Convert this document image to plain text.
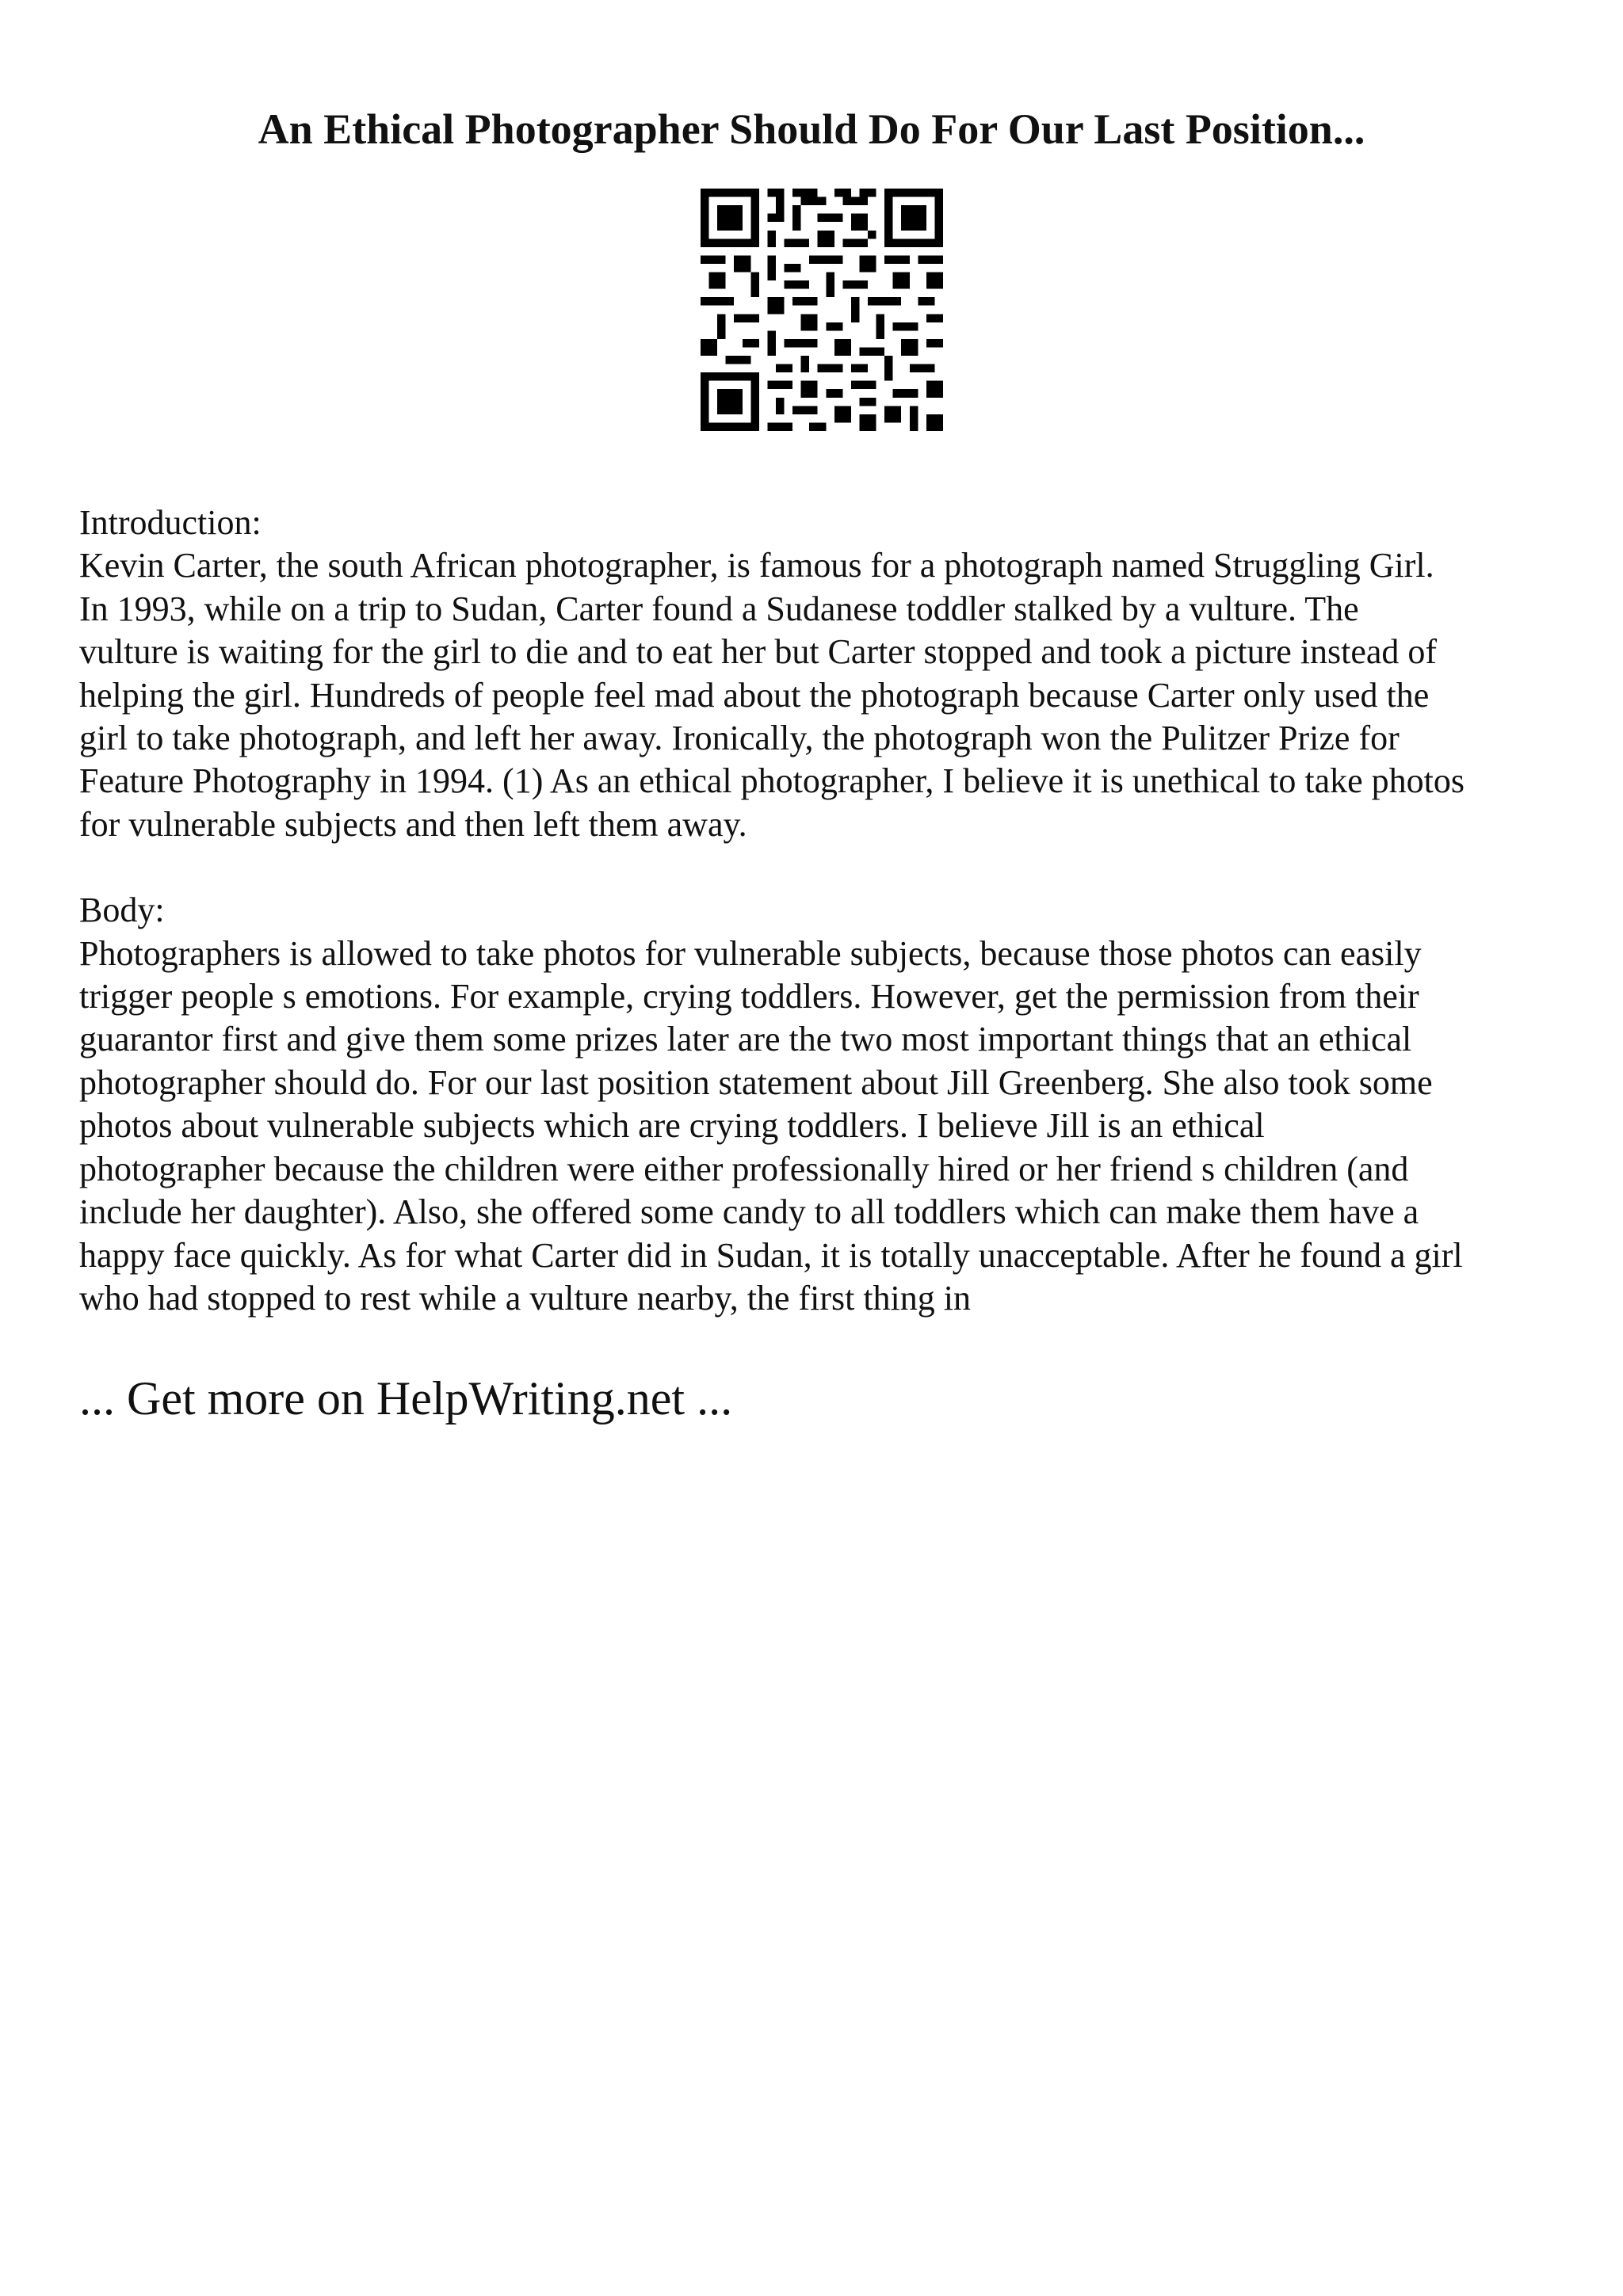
An Ethical Photographer Should Do For Our Last Position...
Introduction:

Kevin Carter, the south African photographer, is famous for a photograph named Struggling Girl.
In 1993, while on a trip to Sudan, Carter found a Sudanese toddler stalked by a vulture. The
vulture is waiting for the girl to die and to eat her but Carter stopped and took a picture instead of
helping the girl. Hundreds of people feel mad about the photograph because Carter only used the
girl to take photograph, and left her away. Ironically, the photograph won the Pulitzer Prize for
Feature Photography in 1994. (1) As an ethical photographer, I believe it is unethical to take photos
for vulnerable subjects and then left them away.

Body:

Photographers is allowed to take photos for vulnerable subjects, because those photos can easily
trigger people s emotions. For example, crying toddlers. However, get the permission from their
guarantor first and give them some prizes later are the two most important things that an ethical
photographer should do. For our last position statement about Jill Greenberg. She also took some
photos about vulnerable subjects which are crying toddlers. I believe Jill is an ethical
photographer because the children were either professionally hired or her friend s children (and
include her daughter). Also, she offered some candy to all toddlers which can make them have a
happy face quickly. As for what Carter did in Sudan, it is totally unacceptable. After he found a girl
who had stopped to rest while a vulture nearby, the first thing in

... Get more on HelpWriting.net ...
